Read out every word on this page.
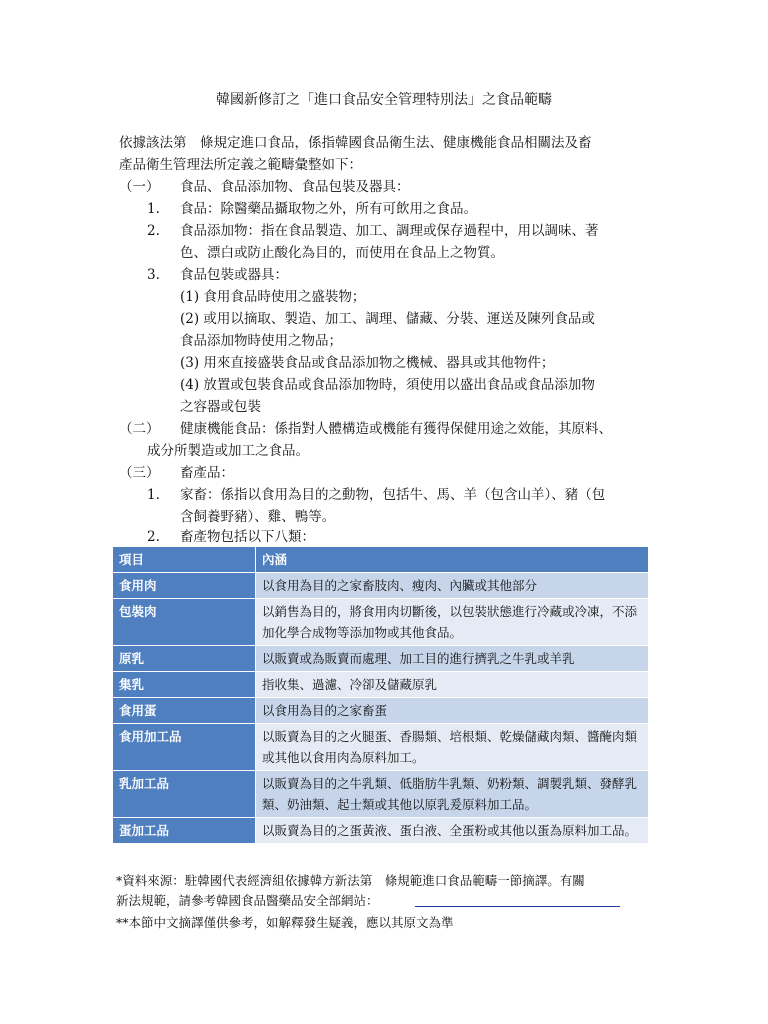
韓國新修訂之「進口食品安全管理特別法」之食品範疇
依據該法第　條規定進口食品，係指韓國食品衛生法、健康機能食品相關法及畜
產品衛生管理法所定義之範疇彙整如下：
（一） 食品、食品添加物、食品包裝及器具：
1. 食品：除醫藥品攝取物之外，所有可飲用之食品。
2. 食品添加物：指在食品製造、加工、調理或保存過程中，用以調味、著
色、漂白或防止酸化為目的，而使用在食品上之物質。
3. 食品包裝或器具：
(1) 食用食品時使用之盛裝物；
(2) 或用以摘取、製造、加工、調理、儲藏、分裝、運送及陳列食品或
食品添加物時使用之物品；
(3) 用來直接盛裝食品或食品添加物之機械、器具或其他物件；
(4) 放置或包裝食品或食品添加物時，須使用以盛出食品或食品添加物
之容器或包裝
（二） 健康機能食品：係指對人體構造或機能有獲得保健用途之效能，其原料、
成分所製造或加工之食品。
（三） 畜產品：
1. 家畜：係指以食用為目的之動物，包括牛、馬、羊（包含山羊）、豬（包
含飼養野豬）、雞、鴨等。
2. 畜產物包括以下八類：
項目	內涵
食用肉	以食用為目的之家畜肢肉、瘦肉、內臟或其他部分
包裝肉	以銷售為目的，將食用肉切斷後，以包裝狀態進行冷藏或冷凍，不添加化學合成物等添加物或其他食品。
原乳	以販賣或為販賣而處理、加工目的進行擠乳之牛乳或羊乳
集乳	指收集、過濾、冷卻及儲藏原乳
食用蛋	以食用為目的之家畜蛋
食用加工品	以販賣為目的之火腿蛋、香腸類、培根類、乾燥儲藏肉類、醬醃肉類或其他以食用肉為原料加工。
乳加工品	以販賣為目的之牛乳類、低脂肪牛乳類、奶粉類、調製乳類、發酵乳類、奶油類、起士類或其他以原乳爰原料加工品。
蛋加工品	以販賣為目的之蛋黃液、蛋白液、全蛋粉或其他以蛋為原料加工品。
*資料來源：駐韓國代表經濟組依據韓方新法第　條規範進口食品範疇一節摘譯。有關
新法規範，請參考韓國食品醫藥品安全部網站：
**本節中文摘譯僅供參考，如解釋發生疑義，應以其原文為準
